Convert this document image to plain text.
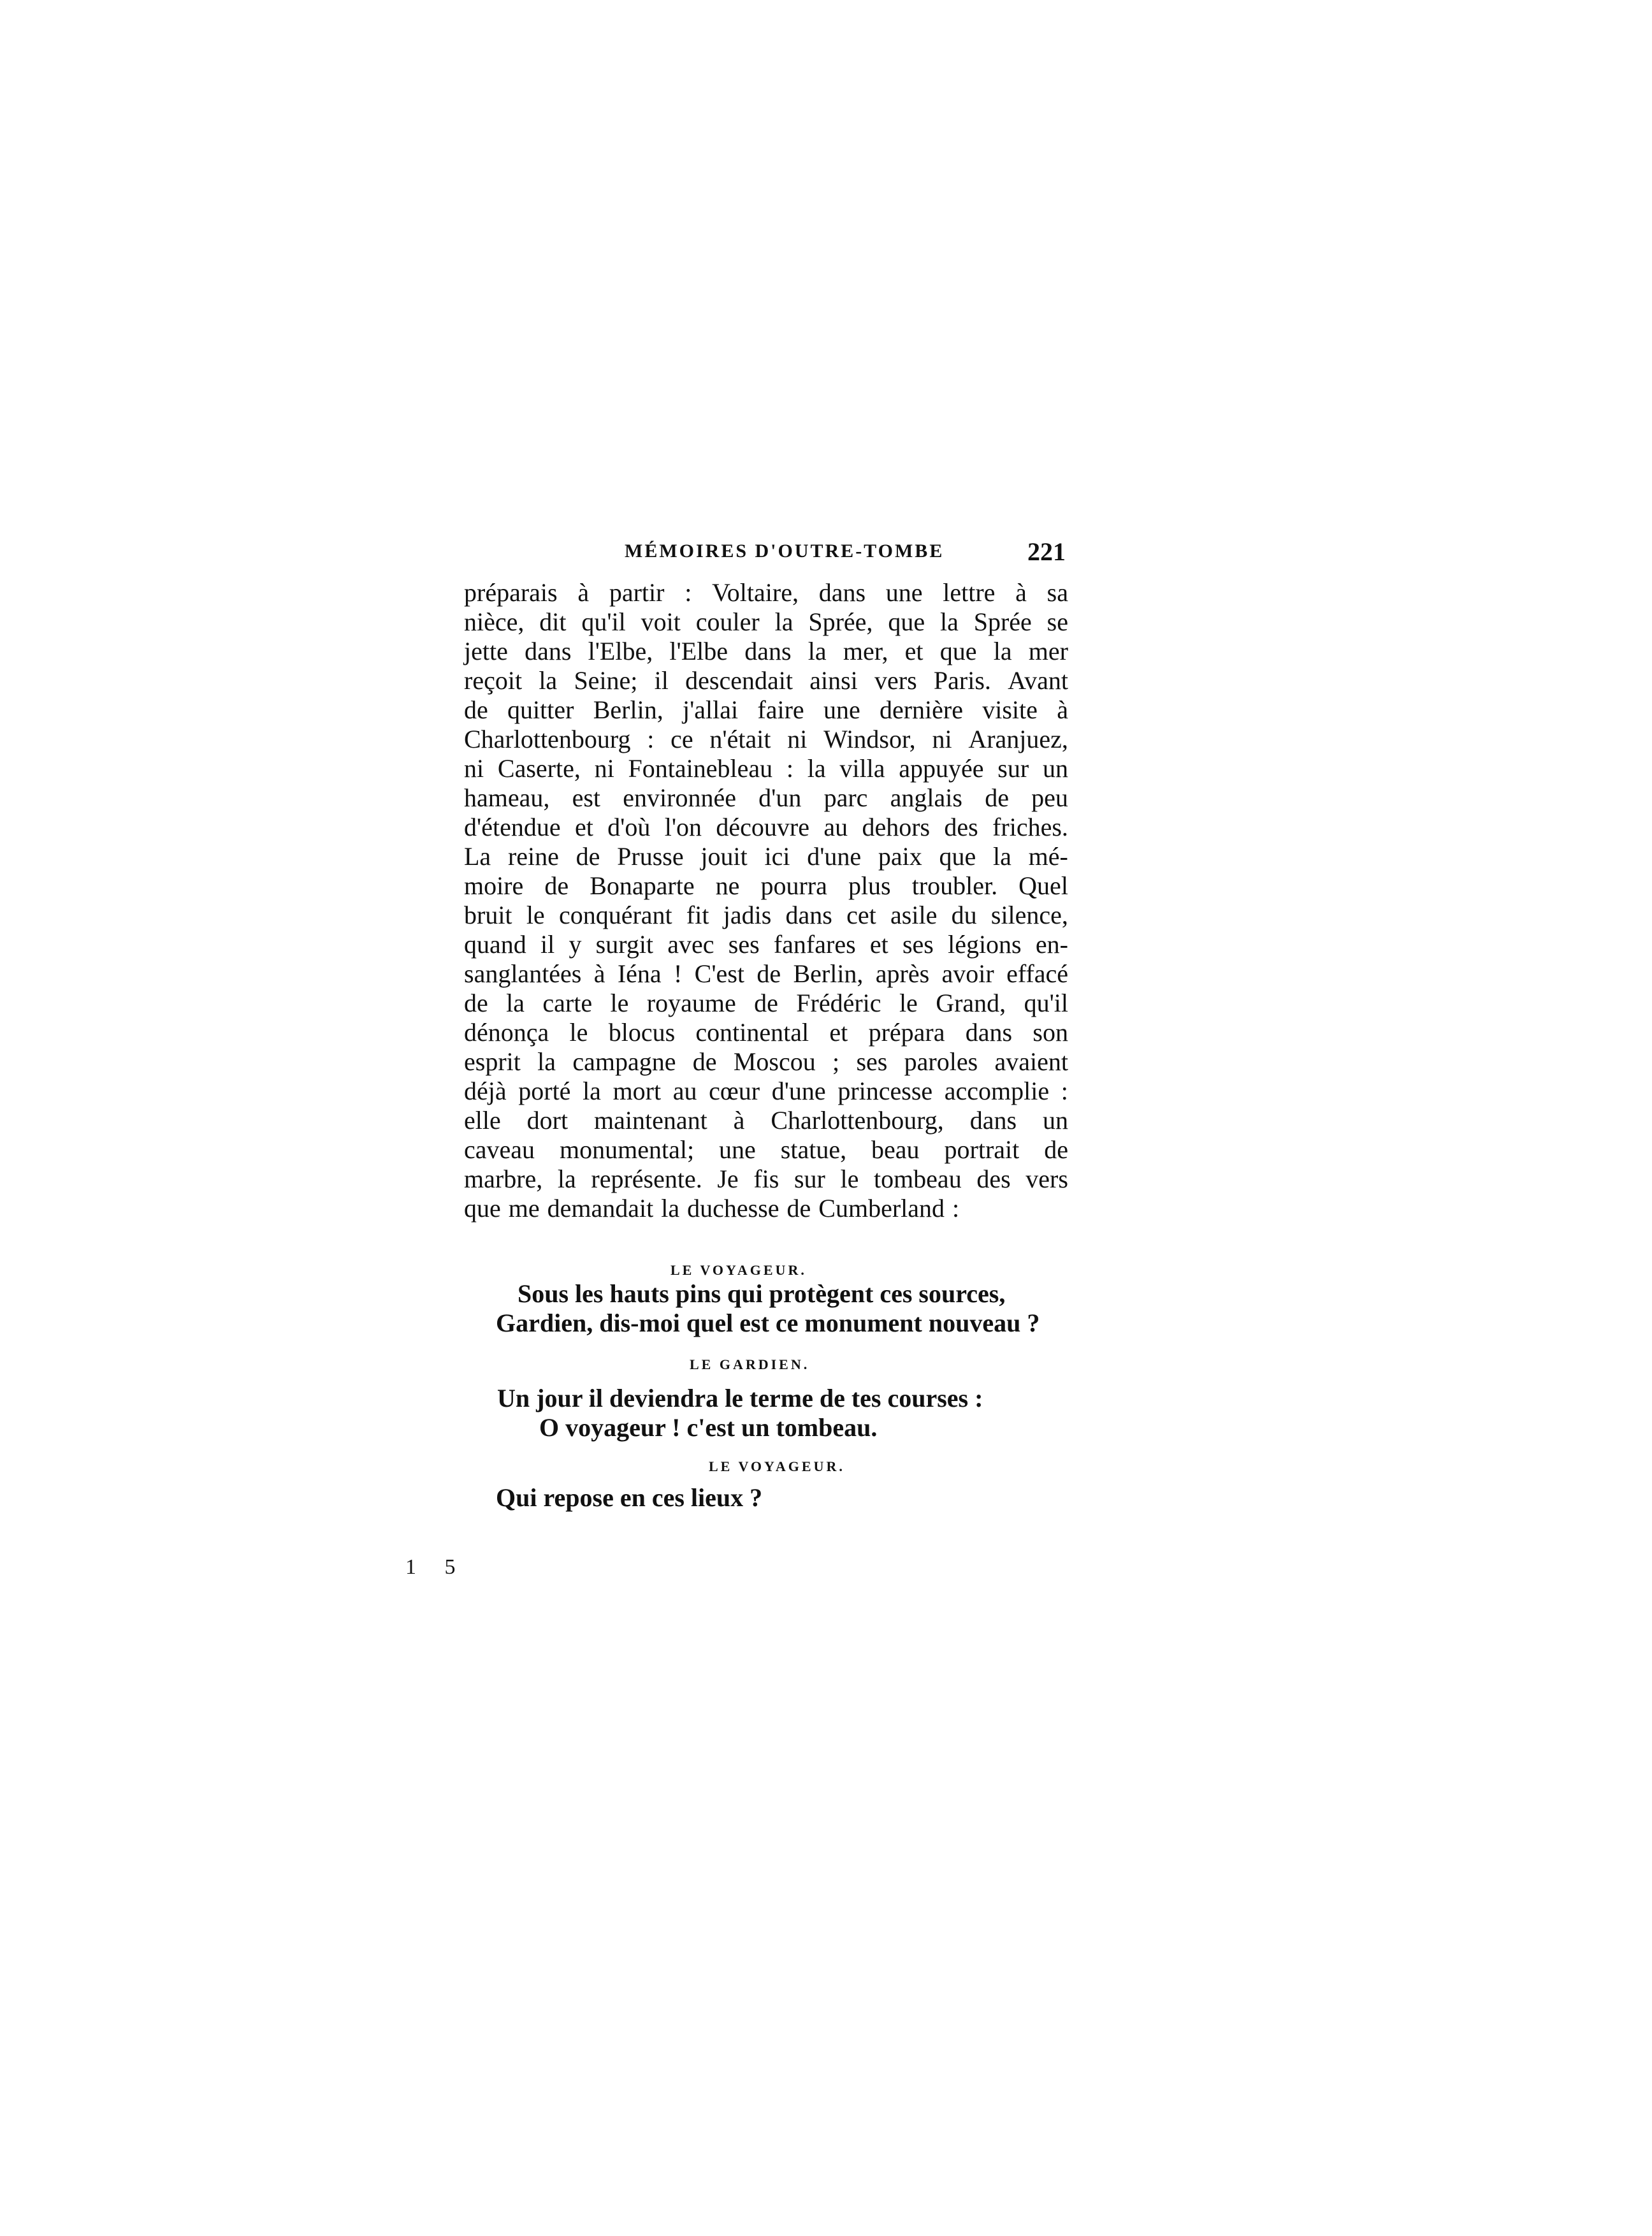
MÉMOIRES D'OUTRE-TOMBE	221
préparais à partir : Voltaire, dans une lettre à sa
nièce, dit qu'il voit couler la Sprée, que la Sprée se
jette dans l'Elbe, l'Elbe dans la mer, et que la mer
reçoit la Seine; il descendait ainsi vers Paris. Avant
de quitter Berlin, j'allai faire une dernière visite à
Charlottenbourg : ce n'était ni Windsor, ni Aranjuez,
ni Caserte, ni Fontainebleau : la villa appuyée sur un
hameau, est environnée d'un parc anglais de peu
d'étendue et d'où l'on découvre au dehors des friches.
La reine de Prusse jouit ici d'une paix que la mé-
moire de Bonaparte ne pourra plus troubler. Quel
bruit le conquérant fit jadis dans cet asile du silence,
quand il y surgit avec ses fanfares et ses légions en-
sanglantées à Iéna ! C'est de Berlin, après avoir effacé
de la carte le royaume de Frédéric le Grand, qu'il
dénonça le blocus continental et prépara dans son
esprit la campagne de Moscou ; ses paroles avaient
déjà porté la mort au cœur d'une princesse accomplie :
elle dort maintenant à Charlottenbourg, dans un
caveau monumental; une statue, beau portrait de
marbre, la représente. Je fis sur le tombeau des vers
que me demandait la duchesse de Cumberland :
LE VOYAGEUR.
Sous les hauts pins qui protègent ces sources,
Gardien, dis-moi quel est ce monument nouveau ?
LE GARDIEN.
Un jour il deviendra le terme de tes courses :
O voyageur ! c'est un tombeau.
LE VOYAGEUR.
Qui repose en ces lieux ?
1 5
